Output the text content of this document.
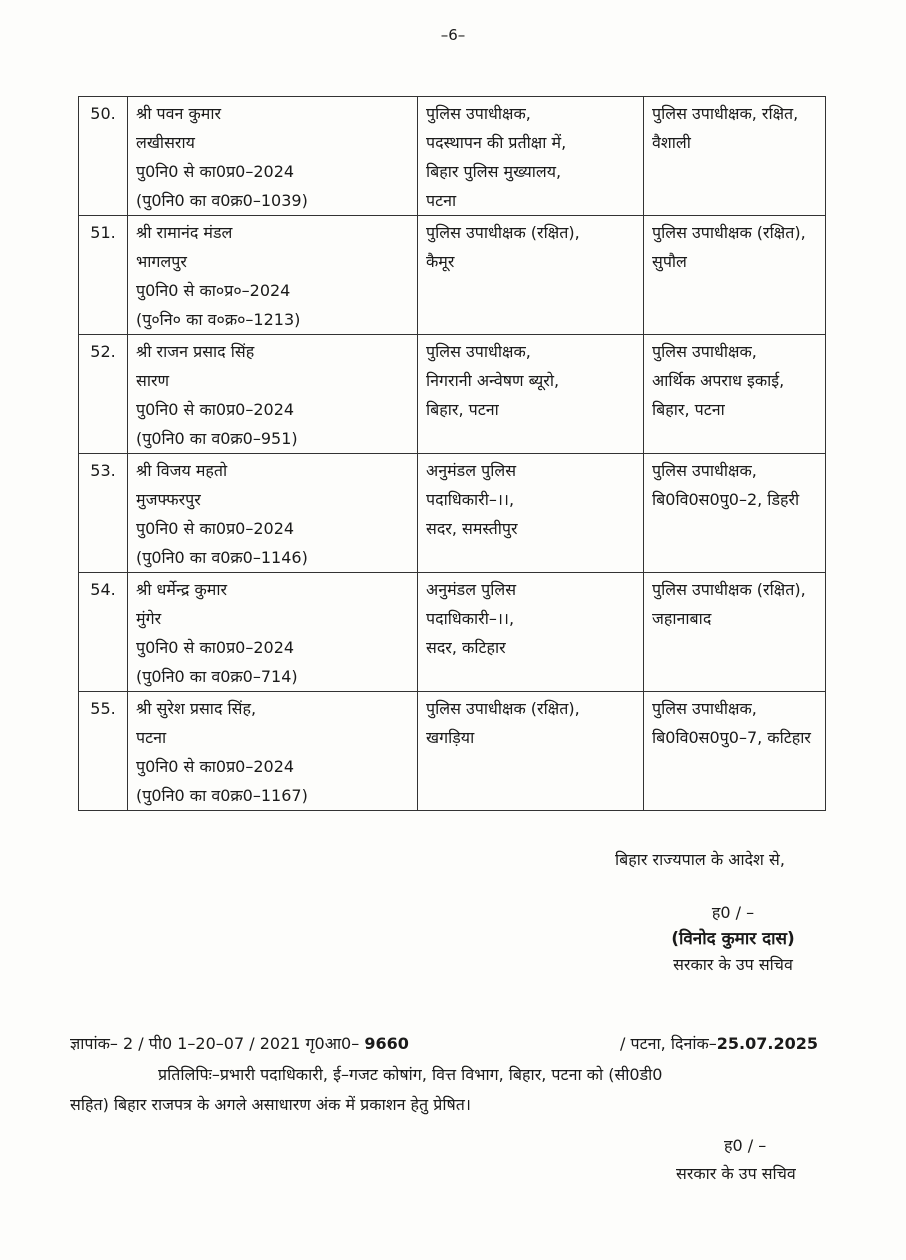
–6–
50.	श्री पवन कुमार
लखीसराय
पु0नि0 से का0प्र0–2024
(पु0नि0 का व0क्र0–1039)	पुलिस उपाधीक्षक,
पदस्थापन की प्रतीक्षा में,
बिहार पुलिस मुख्यालय,
पटना	पुलिस उपाधीक्षक, रक्षित,
वैशाली

51.	श्री रामानंद मंडल
भागलपुर
पु0नि0 से का०प्र०–2024
(पु०नि० का व०क्र०–1213)	पुलिस उपाधीक्षक (रक्षित),
कैमूर	पुलिस उपाधीक्षक (रक्षित),
सुपौल

52.	श्री राजन प्रसाद सिंह
सारण
पु0नि0 से का0प्र0–2024
(पु0नि0 का व0क्र0–951)	पुलिस उपाधीक्षक,
निगरानी अन्वेषण ब्यूरो,
बिहार, पटना	पुलिस उपाधीक्षक,
आर्थिक अपराध इकाई,
बिहार, पटना

53.	श्री विजय महतो
मुजफ्फरपुर
पु0नि0 से का0प्र0–2024
(पु0नि0 का व0क्र0–1146)	अनुमंडल पुलिस
पदाधिकारी–।।,
सदर, समस्तीपुर	पुलिस उपाधीक्षक,
बि0वि0स0पु0–2, डिहरी

54.	श्री धर्मेन्द्र कुमार
मुंगेर
पु0नि0 से का0प्र0–2024
(पु0नि0 का व0क्र0–714)	अनुमंडल पुलिस
पदाधिकारी–।।,
सदर, कटिहार	पुलिस उपाधीक्षक (रक्षित),
जहानाबाद

55.	श्री सुरेश प्रसाद सिंह,
पटना
पु0नि0 से का0प्र0–2024
(पु0नि0 का व0क्र0–1167)	पुलिस उपाधीक्षक (रक्षित),
खगड़िया	पुलिस उपाधीक्षक,
बि0वि0स0पु0–7, कटिहार
बिहार राज्यपाल के आदेश से,
ह0 / –
(विनोद कुमार दास)
सरकार के उप सचिव
ज्ञापांक– 2 / पी0 1–20–07 / 2021 गृ0आ0– 9660	/ पटना, दिनांक–25.07.2025
प्रतिलिपिः–प्रभारी पदाधिकारी, ई–गजट कोषांग, वित्त विभाग, बिहार, पटना को (सी0डी0
सहित) बिहार राजपत्र के अगले असाधारण अंक में प्रकाशन हेतु प्रेषित।
ह0 / –
सरकार के उप सचिव
